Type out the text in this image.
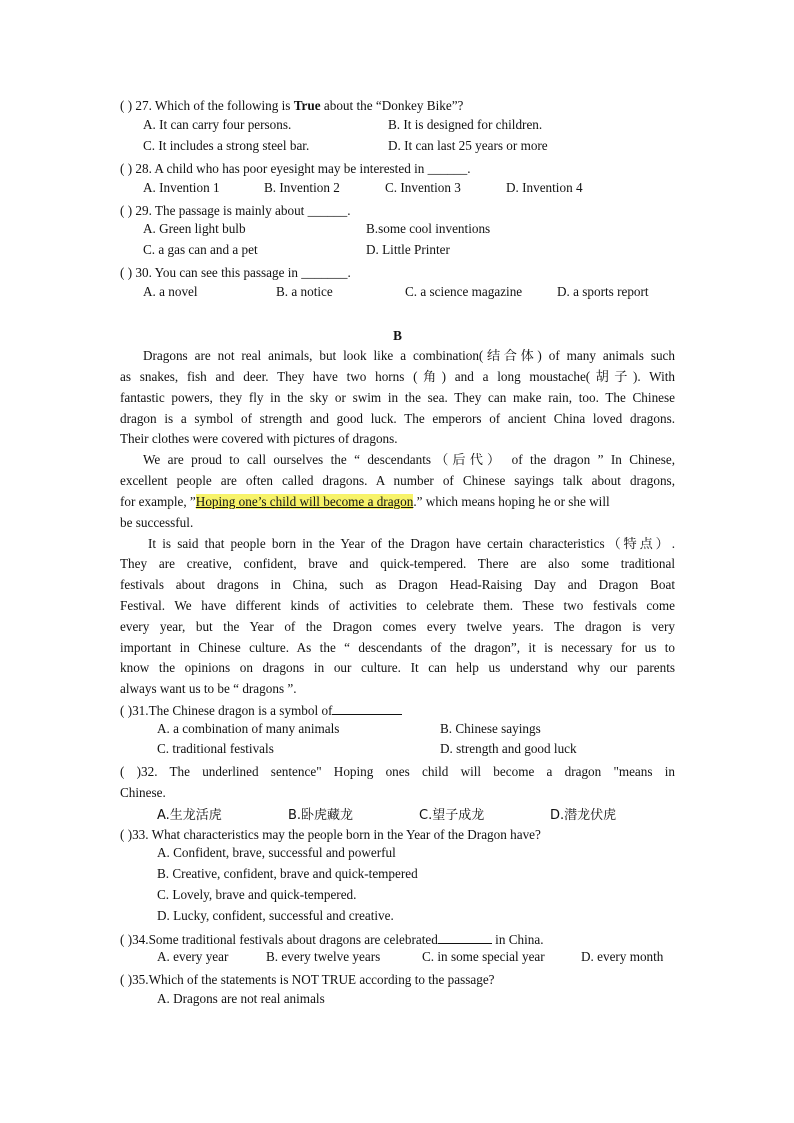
( ) 27. Which of the following is True about the “Donkey Bike”?
A. It can carry four persons.	B. It is designed for children.
C. It includes a strong steel bar.	D. It can last 25 years or more
( ) 28. A child who has poor eyesight may be interested in ______.
A. Invention 1	B. Invention 2	C. Invention 3	D. Invention 4
( ) 29. The passage is mainly about ______.
A. Green light bulb	B.some cool inventions
C. a gas can and a pet	D. Little Printer
( ) 30. You can see this passage in _______.
A. a novel	B. a notice	C. a science magazine	D. a sports report
B
Dragons are not real animals, but look like a combination(结合体) of many animals such
as snakes, fish and deer. They have two horns (角) and a long moustache(胡子). With
fantastic powers, they fly in the sky or swim in the sea. They can make rain, too. The Chinese
dragon is a symbol of strength and good luck. The emperors of ancient China loved dragons.
Their clothes were covered with pictures of dragons.
We are proud to call ourselves the “ descendants（后代） of the dragon ” In Chinese,
excellent people are often called dragons. A number of Chinese sayings talk about dragons,
for example, ”Hoping one’s child will become a dragon.” which means hoping he or she will
be successful.
It is said that people born in the Year of the Dragon have certain characteristics（特点）.
They are creative, confident, brave and quick-tempered. There are also some traditional
festivals about dragons in China, such as Dragon Head-Raising Day and Dragon Boat
Festival. We have different kinds of activities to celebrate them. These two festivals come
every year, but the Year of the Dragon comes every twelve years. The dragon is very
important in Chinese culture. As the “ descendants of the dragon”, it is necessary for us to
know the opinions on dragons in our culture. It can help us understand why our parents
always want us to be “ dragons ”.
( )31.The Chinese dragon is a symbol of
A. a combination of many animals	B. Chinese sayings
C. traditional festivals	D. strength and good luck
( )32. The underlined sentence" Hoping ones child will become a dragon "means in
Chinese.
A.生龙活虎	B.卧虎藏龙	C.望子成龙	D.潜龙伏虎
( )33. What characteristics may the people born in the Year of the Dragon have?
A. Confident, brave, successful and powerful
B. Creative, confident, brave and quick-tempered
C. Lovely, brave and quick-tempered.
D. Lucky, confident, successful and creative.
( )34.Some traditional festivals about dragons are celebrated	in China.
A. every year	B. every twelve years	C. in some special year	D. every month
( )35.Which of the statements is NOT TRUE according to the passage?
A. Dragons are not real animals
